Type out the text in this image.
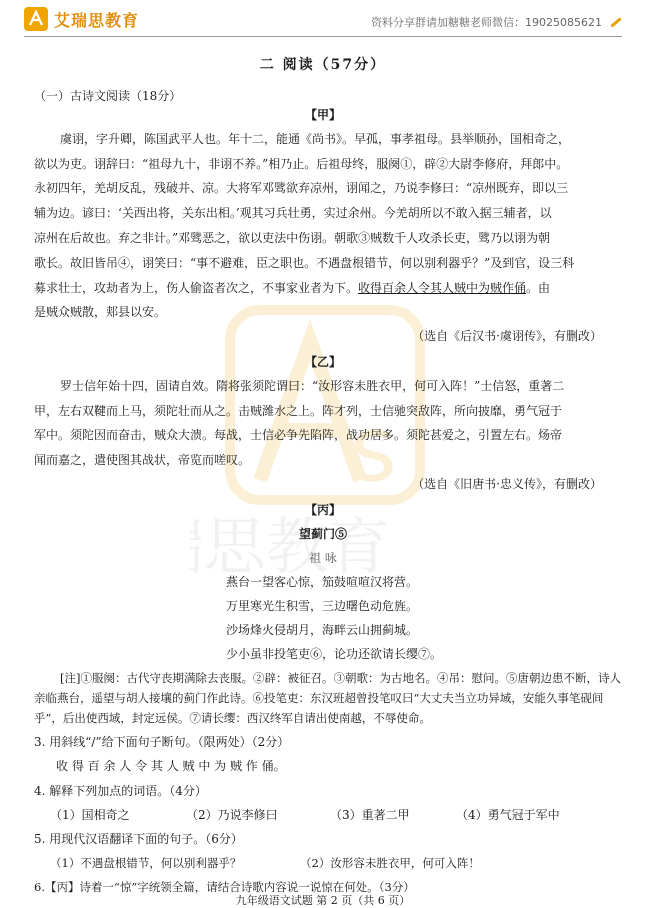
艾瑞思教育	资料分享群请加糖糖老师微信：19025085621
s
思教育
二 阅读（57分）
（一）古诗文阅读（18分）
【甲】
虞诩，字升卿，陈国武平人也。年十二，能通《尚书》。早孤，事孝祖母。县举顺孙，国相奇之，
欲以为吏。诩辞曰：“祖母九十，非诩不养。”相乃止。后祖母终，服阕①，辟②大尉李修府，拜郎中。
永初四年，羌胡反乱，残破并、凉。大将军邓骘欲弃凉州，诩闻之，乃说李修曰：“凉州既弃，即以三
辅为边。谚曰：‘关西出将，关东出相。’观其习兵壮勇，实过余州。今羌胡所以不敢入据三辅者，以
凉州在后故也。弃之非计。”邓骘恶之，欲以吏法中伤诩。朝歌③贼数千人攻杀长吏，骘乃以诩为朝
歌长。故旧皆吊④，诩笑曰：“事不避难，臣之职也。不遇盘根错节，何以别利器乎？”及到官，设三科
募求壮士，攻劫者为上，伤人偷盗者次之，不事家业者为下。收得百余人令其人贼中为贼作俑。由
是贼众贼散，郏县以安。
（选自《后汉书·虞诩传》，有删改）
【乙】
罗士信年始十四，固请自效。隋将张须陀谓曰：“汝形容未胜衣甲，何可入阵！”士信怒，重著二
甲，左右双鞬而上马，须陀壮而从之。击贼潍水之上。阵才列，士信驰突敌阵，所向披靡，勇气冠于
军中。须陀因而奋击，贼众大溃。每战，士信必争先陷阵，战功居多。须陀甚爱之，引置左右。炀帝
闻而嘉之，遣使图其战状，帝览而嗟叹。
（选自《旧唐书·忠义传》，有删改）
【丙】
望蓟门⑤
祖 咏
燕台一望客心惊，笳鼓喧喧汉将营。
万里寒光生积雪，三边曙色动危旌。
沙场烽火侵胡月，海畔云山拥蓟城。
少小虽非投笔吏⑥，论功还欲请长缨⑦。
[注]①服阕：古代守丧期满除去丧服。②辟：被征召。③朝歌：为古地名。④吊：慰问。⑤唐朝边患不断，诗人
亲临燕台，遥望与胡人接壤的蓟门作此诗。⑥投笔吏：东汉班超曾投笔叹曰“大丈夫当立功异域，安能久事笔砚间
乎”，后出使西域，封定远侯。⑦请长缨：西汉终军自请出使南越，不辱使命。
3. 用斜线“/”给下面句子断句。（限两处）（2分）
收 得 百 余 人 令 其 人 贼 中 为 贼 作 俑。
4. 解释下列加点的词语。（4分）
（1）国相奇之	（2）乃说李修曰	（3）重著二甲	（4）勇气冠于军中
5. 用现代汉语翻译下面的句子。（6分）
（1）不遇盘根错节，何以别利器乎？	（2）汝形容未胜衣甲，何可入阵！
6.【丙】诗着一“惊”字统领全篇，请结合诗歌内容说一说惊在何处。（3分）
九年级语文试题 第 2 页（共 6 页）
